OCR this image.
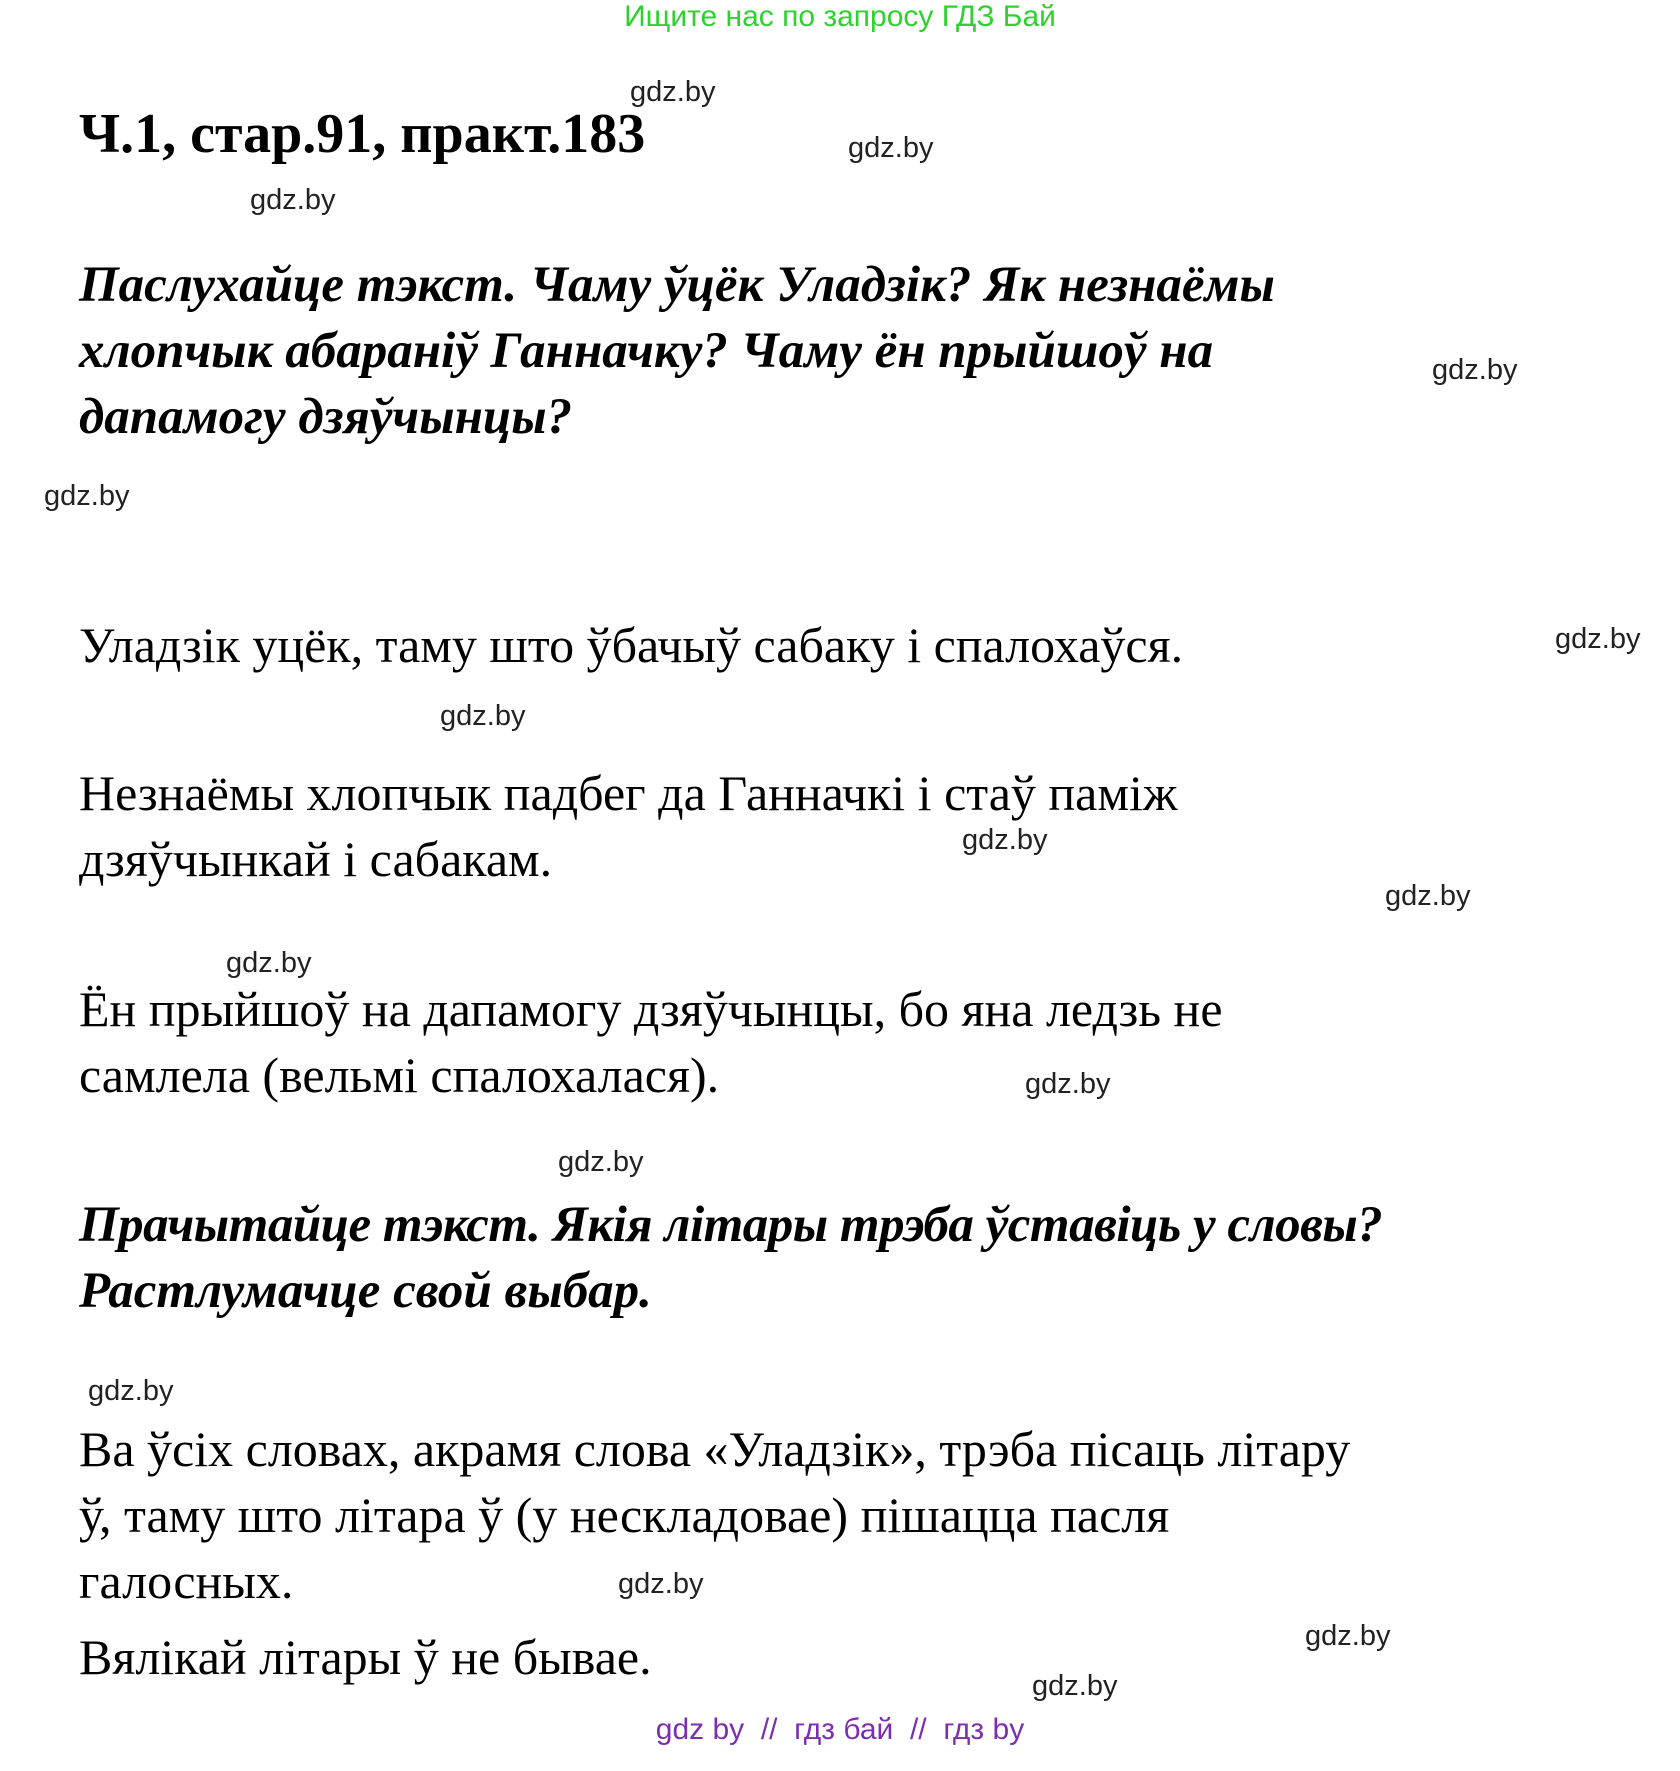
Ищите нас по запросу ГДЗ Бай
Ч.1, стар.91, практ.183
Паслухайце тэкст. Чаму ўцёк Уладзік? Як незнаёмы
хлопчык абараніў Ганначку? Чаму ён прыйшоў на
дапамогу дзяўчынцы?
Уладзік уцёк, таму што ўбачыў сабаку і спалохаўся.
Незнаёмы хлопчык падбег да Ганначкі і стаў паміж
дзяўчынкай і сабакам.
Ён прыйшоў на дапамогу дзяўчынцы, бо яна ледзь не
самлела (вельмі спалохалася).
Прачытайце тэкст. Якія літары трэба ўставіць у словы?
Растлумачце свой выбар.
Ва ўсіх словах, акрамя слова «Уладзік», трэба пісаць літару
ў, таму што літара ў (у нескладовае) пішацца пасля
галосных.
Вялікай літары ў не бывае.
gdz.by
gdz.by
gdz.by
gdz.by
gdz.by
gdz.by
gdz.by
gdz.by
gdz.by
gdz.by
gdz.by
gdz.by
gdz.by
gdz.by
gdz.by
gdz.by
gdz by  //  гдз бай  //  гдз by
